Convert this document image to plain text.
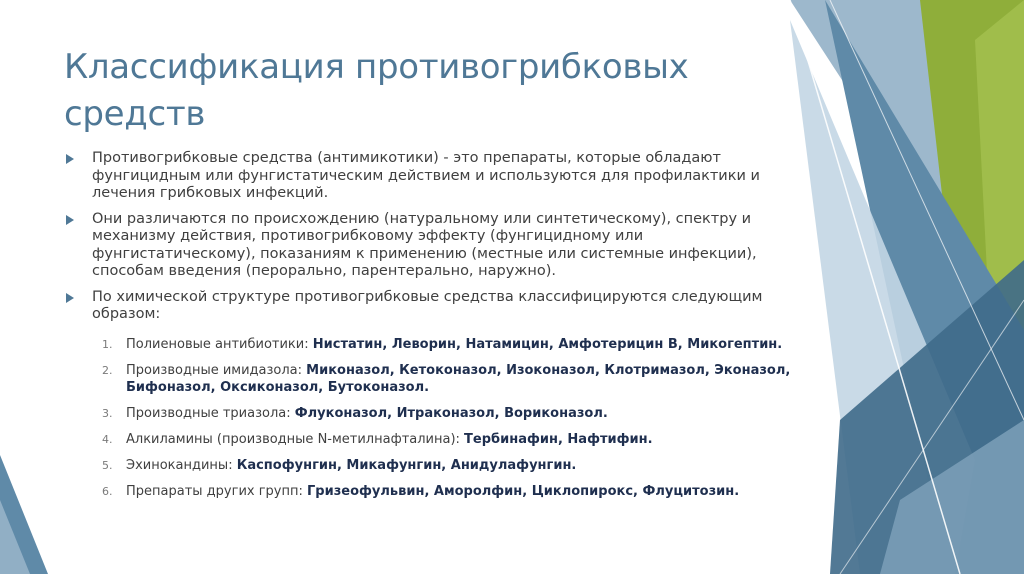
Классификация противогрибковых средств
Противогрибковые средства (антимикотики) - это препараты, которые обладают фунгицидным или фунгистатическим действием и используются для профилактики и лечения грибковых инфекций.
Они различаются по происхождению (натуральному или синтетическому), спектру и механизму действия, противогрибковому эффекту (фунгицидному или фунгистатическому), показаниям к применению (местные или системные инфекции), способам введения (перорально, парентерально, наружно).
По химической структуре противогрибковые средства классифицируются следующим образом:
1. Полиеновые антибиотики: Нистатин, Леворин, Натамицин, Амфотерицин В, Микогептин.
2. Производные имидазола: Миконазол, Кетоконазол, Изоконазол, Клотримазол, Эконазол, Бифоназол, Оксиконазол, Бутоконазол.
3. Производные триазола: Флуконазол, Итраконазол, Вориконазол.
4. Алкиламины (производные N-метилнафталина): Тербинафин, Нафтифин.
5. Эхинокандины: Каспофунгин, Микафунгин, Анидулафунгин.
6. Препараты других групп: Гризеофульвин, Аморолфин, Циклопирокс, Флуцитозин.
